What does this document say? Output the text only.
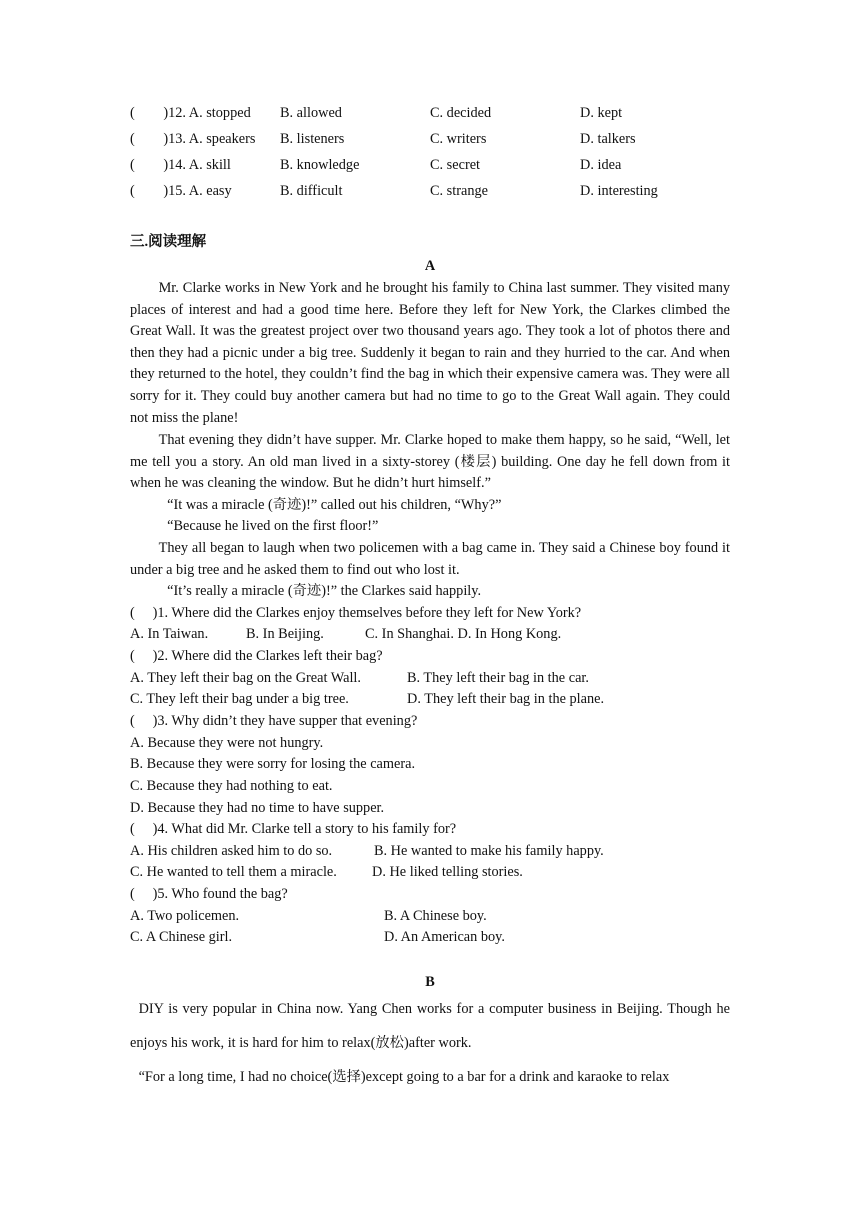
(　　)12. A. stopped B. allowed	C. decided	D. kept
(　　)13. A. speakers B. listeners	C. writers	D. talkers
(　　)14. A. skill	B. knowledge	C. secret	D. idea
(　　)15. A. easy	B. difficult	C. strange	D. interesting
三.阅读理解
A
Mr. Clarke works in New York and he brought his family to China last summer. They visited many places of interest and had a good time here. Before they left for New York, the Clarkes climbed the Great Wall. It was the greatest project over two thousand years ago. They took a lot of photos there and then they had a picnic under a big tree. Suddenly it began to rain and they hurried to the car. And when they returned to the hotel, they couldn’t find the bag in which their expensive camera was. They were all sorry for it. They could buy another camera but had no time to go to the Great Wall again. They could not miss the plane!
That evening they didn’t have supper. Mr. Clarke hoped to make them happy, so he said, “Well, let me tell you a story. An old man lived in a sixty-storey (楼层) building. One day he fell down from it when he was cleaning the window. But he didn’t hurt himself.”
“It was a miracle (奇迹)!” called out his children, “Why?”
“Because he lived on the first floor!”
They all began to laugh when two policemen with a bag came in. They said a Chinese boy found it under a big tree and he asked them to find out who lost it.
“It’s really a miracle (奇迹)!” the Clarkes said happily.
(　 )1. Where did the Clarkes enjoy themselves before they left for New York?
A. In Taiwan.	B. In Beijing.	C. In Shanghai. D. In Hong Kong.
(　 )2. Where did the Clarkes left their bag?
A. They left their bag on the Great Wall.	B. They left their bag in the car.
C. They left their bag under a big tree.	D. They left their bag in the plane.
(　 )3. Why didn’t they have supper that evening?
A. Because they were not hungry.
B. Because they were sorry for losing the camera.
C. Because they had nothing to eat.
D. Because they had no time to have supper.
(　 )4. What did Mr. Clarke tell a story to his family for?
A. His children asked him to do so.	B. He wanted to make his family happy.
C. He wanted to tell them a miracle. D. He liked telling stories.
(　 )5. Who found the bag?
A. Two policemen.	B. A Chinese boy.
C. A Chinese girl.	D. An American boy.
B
DIY is very popular in China now. Yang Chen works for a computer business in Beijing. Though he enjoys his work, it is hard for him to relax(放松)after work.
“For a long time, I had no choice(选择)except going to a bar for a drink and karaoke to relax
